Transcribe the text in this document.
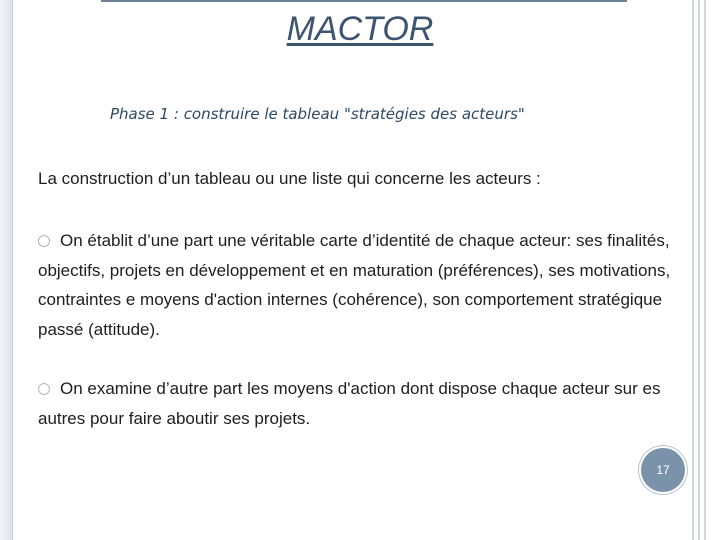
MACTOR
Phase 1 : construire le tableau "stratégies des acteurs"
La construction d’un tableau ou une liste qui concerne les acteurs :
On établit d’une part une véritable carte d’identité de chaque acteur: ses finalités, objectifs, projets en développement et en maturation (préférences), ses motivations, contraintes e moyens d'action internes (cohérence), son comportement stratégique passé (attitude).
On examine d’autre part les moyens d'action dont dispose chaque acteur sur es autres pour faire aboutir ses projets.
17
